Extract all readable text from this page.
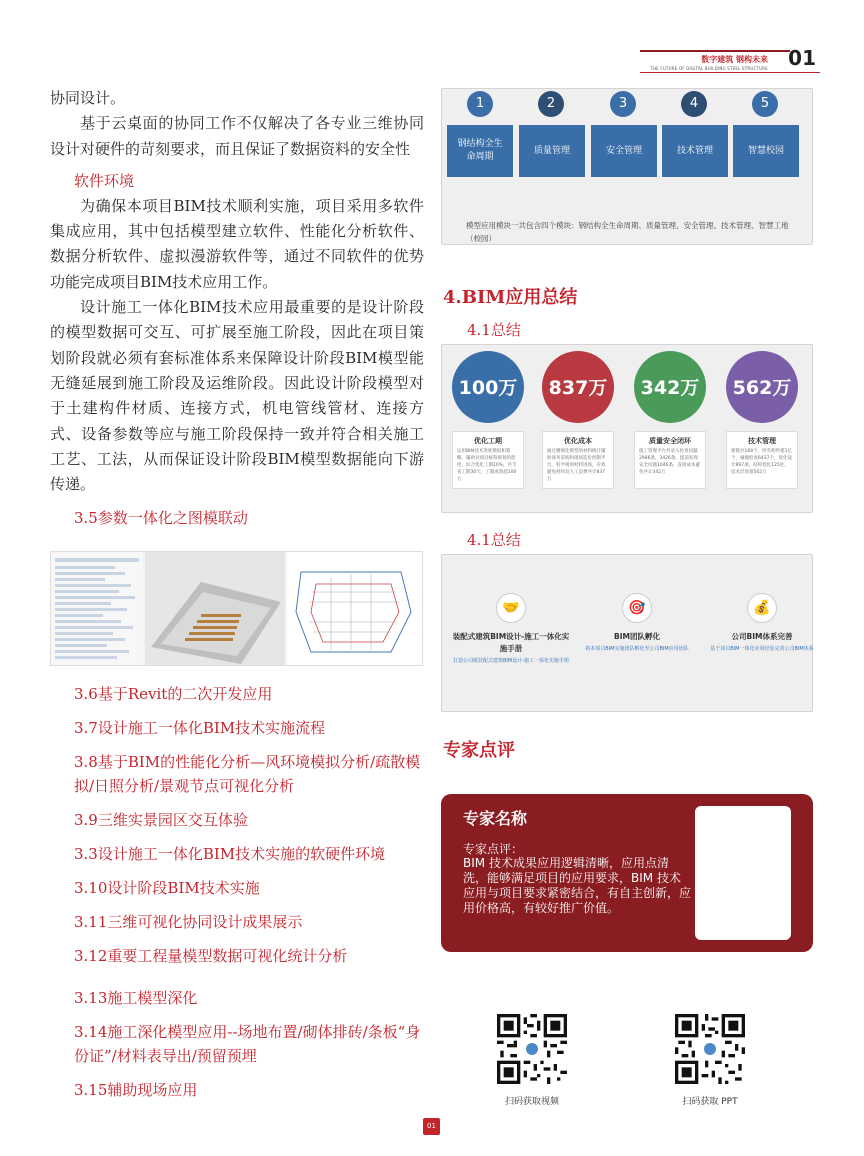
数字建筑 钢构未来
THE FUTURE OF DIGITAL BUILDING STEEL STRUCTURE 01

协同设计。

基于云桌面的协同工作不仅解决了各专业三维协同设计对硬件的苛刻要求，而且保证了数据资料的安全性

软件环境

为确保本项目BIM技术顺利实施，项目采用多软件集成应用，其中包括模型建立软件、性能化分析软件、数据分析软件、虚拟漫游软件等，通过不同软件的优势功能完成项目BIM技术应用工作。

设计施工一体化BIM技术应用最重要的是设计阶段的模型数据可交互、可扩展至施工阶段，因此在项目策划阶段就必须有套标准体系来保障设计阶段BIM模型能无缝延展到施工阶段及运维阶段。因此设计阶段模型对于土建构件材质、连接方式，机电管线管材、连接方式、设备参数等应与施工阶段保持一致并符合相关施工工艺、工法，从而保证设计阶段BIM模型数据能向下游传递。

3.5参数一体化之图模联动
3.6基于Revit的二次开发应用
3.7设计施工一体化BIM技术实施流程
3.8基于BIM的性能化分析—风环境模拟分析/疏散模拟/日照分析/景观节点可视化分析
3.9三维实景园区交互体验
3.3设计施工一体化BIM技术实施的软硬件环境
3.10设计阶段BIM技术实施
3.11三维可视化协同设计成果展示
3.12重要工程量模型数据可视化统计分析
3.13施工模型深化
3.14施工深化模型应用--场地布置/砌体排砖/条板“身份证”/材料表导出/预留预埋
3.15辅助现场应用
1	2	3	4	5
钢结构全生命周期
质量管理	安全管理	技术管理	智慧校园
模型应用模块一共包含四个模块：钢结构全生命周期、质量管理、安全管理、技术管理、智慧工地（校园）
4.BIM应用总结
4.1总结
100万
优化工期
运用BIM技术进度模拟和策略，辅助对项目统筹规划的把控，综合优化工期10%，共节省工期30天，工期成效超100万
837万
优化成本
通过精细化模型的材料统计辅助商务采购和现场造价控制平台，科学规划材料进场，有效避免材料及人工浪费共计837万
342万
质量安全闭环
施工管理平台共录入检查问题2986条，3426条，提前发现安全问题1046条，直接成本避免共计342万
562万
技术管理
建模共168个，所有构件建1亿个，碰撞检查6437个，优化设计897项，结构优化125处，技术层效超562万
4.1总结
🤝
装配式建筑BIM设计-施工一体化实施手册
打造公司级装配式建筑BIM设计-施工一体化实施手册
🎯
BIM团队孵化
将本项目BIM实施团队孵化至公司BIM应用团队
💰
公司BIM体系完善
基于项目BIM一体化应用经验完善公司BIM体系
专家点评
专家名称
专家点评：
BIM 技术成果应用逻辑清晰，应用点清洗，能够满足项目的应用要求，BIM 技术应用与项目要求紧密结合，有自主创新，应用价格高，有较好推广价值。
扫码获取视频	扫码获取 PPT
01
